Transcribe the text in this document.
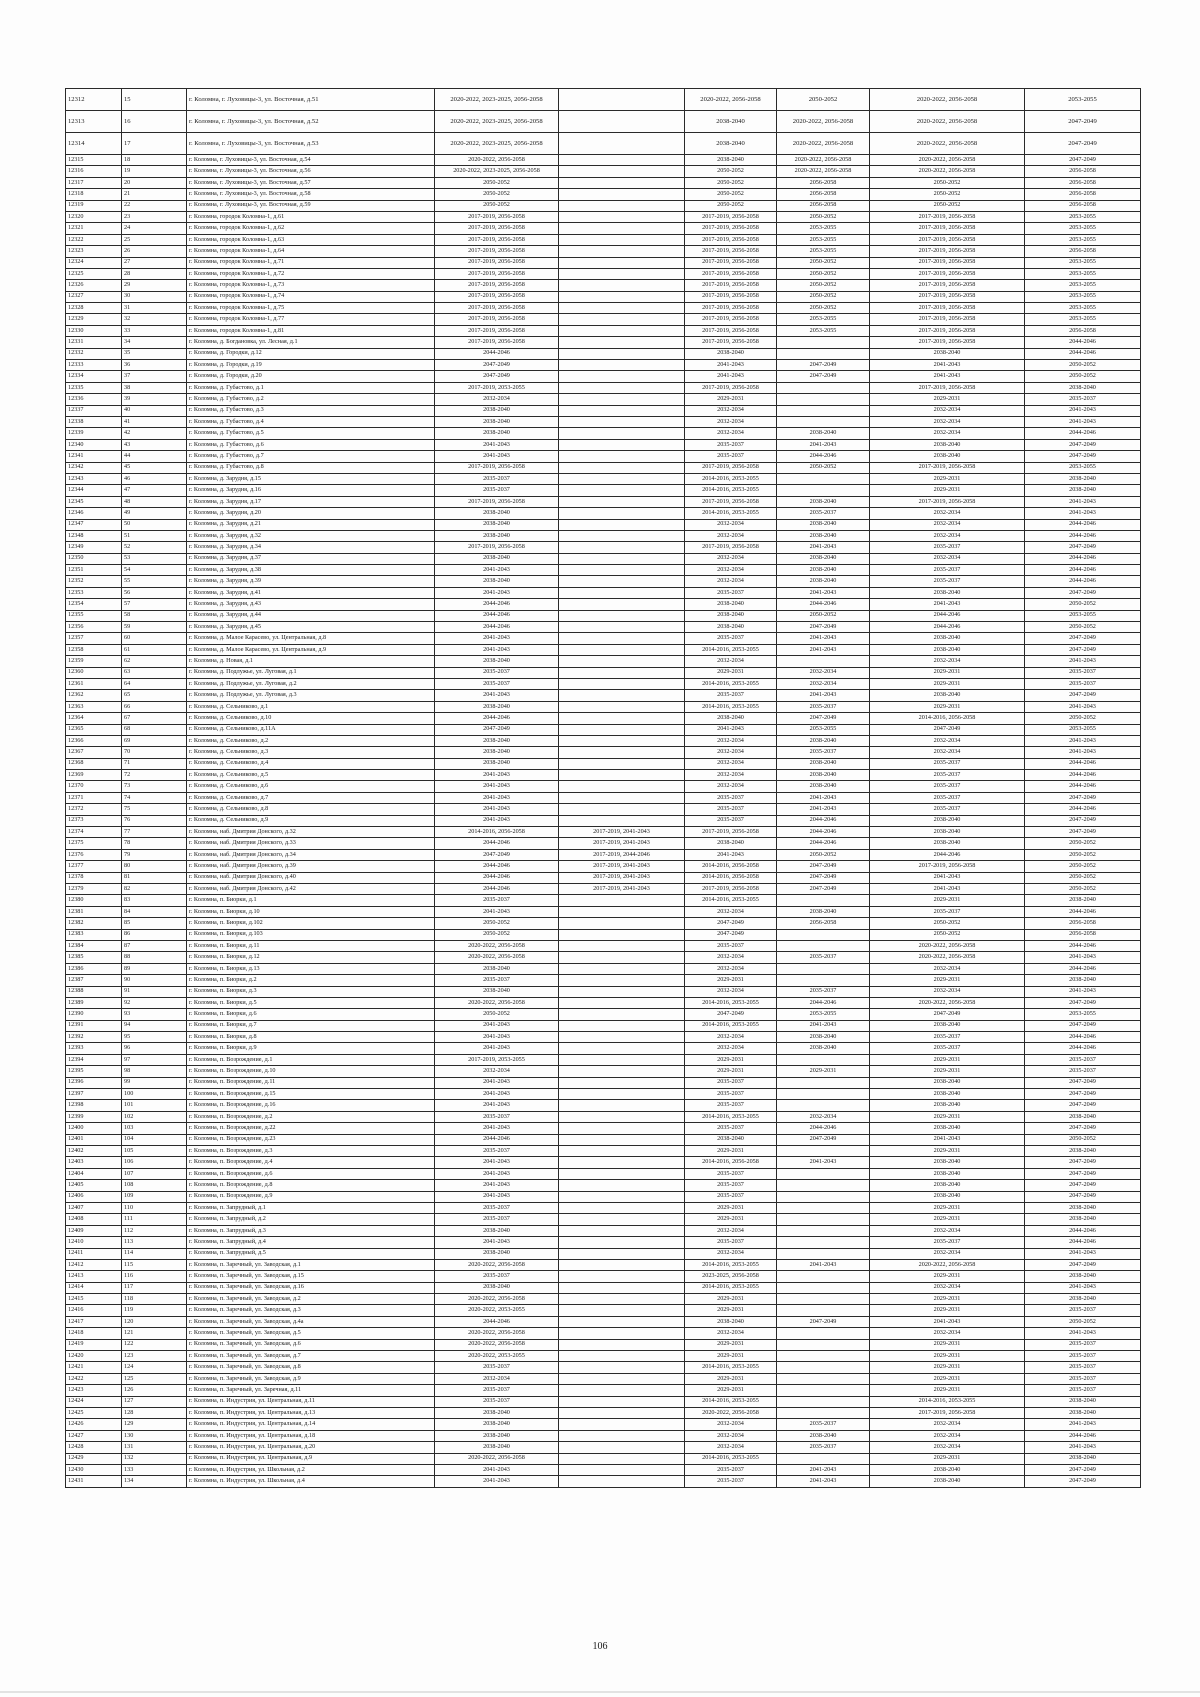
12312	15	г. Коломна, г. Луховицы-3, ул. Восточная, д.51	2020-2022, 2023-2025, 2056-2058		2020-2022, 2056-2058	2050-2052	2020-2022, 2056-2058	2053-2055
12313	16	г. Коломна, г. Луховицы-3, ул. Восточная, д.52	2020-2022, 2023-2025, 2056-2058		2038-2040	2020-2022, 2056-2058	2020-2022, 2056-2058	2047-2049
12314	17	г. Коломна, г. Луховицы-3, ул. Восточная, д.53	2020-2022, 2023-2025, 2056-2058		2038-2040	2020-2022, 2056-2058	2020-2022, 2056-2058	2047-2049
12315	18	г. Коломна, г. Луховицы-3, ул. Восточная, д.54	2020-2022, 2056-2058		2038-2040	2020-2022, 2056-2058	2020-2022, 2056-2058	2047-2049
12316	19	г. Коломна, г. Луховицы-3, ул. Восточная, д.56	2020-2022, 2023-2025, 2056-2058		2050-2052	2020-2022, 2056-2058	2020-2022, 2056-2058	2056-2058
12317	20	г. Коломна, г. Луховицы-3, ул. Восточная, д.57	2050-2052		2050-2052	2056-2058	2050-2052	2056-2058
12318	21	г. Коломна, г. Луховицы-3, ул. Восточная, д.58	2050-2052		2050-2052	2056-2058	2050-2052	2056-2058
12319	22	г. Коломна, г. Луховицы-3, ул. Восточная, д.59	2050-2052		2050-2052	2056-2058	2050-2052	2056-2058
12320	23	г. Коломна, городок Коломна-1, д.61	2017-2019, 2056-2058		2017-2019, 2056-2058	2050-2052	2017-2019, 2056-2058	2053-2055
12321	24	г. Коломна, городок Коломна-1, д.62	2017-2019, 2056-2058		2017-2019, 2056-2058	2053-2055	2017-2019, 2056-2058	2053-2055
12322	25	г. Коломна, городок Коломна-1, д.63	2017-2019, 2056-2058		2017-2019, 2056-2058	2053-2055	2017-2019, 2056-2058	2053-2055
12323	26	г. Коломна, городок Коломна-1, д.64	2017-2019, 2056-2058		2017-2019, 2056-2058	2053-2055	2017-2019, 2056-2058	2056-2058
12324	27	г. Коломна, городок Коломна-1, д.71	2017-2019, 2056-2058		2017-2019, 2056-2058	2050-2052	2017-2019, 2056-2058	2053-2055
12325	28	г. Коломна, городок Коломна-1, д.72	2017-2019, 2056-2058		2017-2019, 2056-2058	2050-2052	2017-2019, 2056-2058	2053-2055
12326	29	г. Коломна, городок Коломна-1, д.73	2017-2019, 2056-2058		2017-2019, 2056-2058	2050-2052	2017-2019, 2056-2058	2053-2055
12327	30	г. Коломна, городок Коломна-1, д.74	2017-2019, 2056-2058		2017-2019, 2056-2058	2050-2052	2017-2019, 2056-2058	2053-2055
12328	31	г. Коломна, городок Коломна-1, д.75	2017-2019, 2056-2058		2017-2019, 2056-2058	2050-2052	2017-2019, 2056-2058	2053-2055
12329	32	г. Коломна, городок Коломна-1, д.77	2017-2019, 2056-2058		2017-2019, 2056-2058	2053-2055	2017-2019, 2056-2058	2053-2055
12330	33	г. Коломна, городок Коломна-1, д.81	2017-2019, 2056-2058		2017-2019, 2056-2058	2053-2055	2017-2019, 2056-2058	2056-2058
12331	34	г. Коломна, д. Богдановка, ул. Лесная, д.1	2017-2019, 2056-2058		2017-2019, 2056-2058		2017-2019, 2056-2058	2044-2046
12332	35	г. Коломна, д. Городки, д.12	2044-2046		2038-2040		2038-2040	2044-2046
12333	36	г. Коломна, д. Городки, д.19	2047-2049		2041-2043	2047-2049	2041-2043	2050-2052
12334	37	г. Коломна, д. Городки, д.20	2047-2049		2041-2043	2047-2049	2041-2043	2050-2052
12335	38	г. Коломна, д. Губастово, д.1	2017-2019, 2053-2055		2017-2019, 2056-2058		2017-2019, 2056-2058	2038-2040
12336	39	г. Коломна, д. Губастово, д.2	2032-2034		2029-2031		2029-2031	2035-2037
12337	40	г. Коломна, д. Губастово, д.3	2038-2040		2032-2034		2032-2034	2041-2043
12338	41	г. Коломна, д. Губастово, д.4	2038-2040		2032-2034		2032-2034	2041-2043
12339	42	г. Коломна, д. Губастово, д.5	2038-2040		2032-2034	2038-2040	2032-2034	2044-2046
12340	43	г. Коломна, д. Губастово, д.6	2041-2043		2035-2037	2041-2043	2038-2040	2047-2049
12341	44	г. Коломна, д. Губастово, д.7	2041-2043		2035-2037	2044-2046	2038-2040	2047-2049
12342	45	г. Коломна, д. Губастово, д.8	2017-2019, 2056-2058		2017-2019, 2056-2058	2050-2052	2017-2019, 2056-2058	2053-2055
12343	46	г. Коломна, д. Зарудня, д.15	2035-2037		2014-2016, 2053-2055		2029-2031	2038-2040
12344	47	г. Коломна, д. Зарудня, д.16	2035-2037		2014-2016, 2053-2055		2029-2031	2038-2040
12345	48	г. Коломна, д. Зарудня, д.17	2017-2019, 2056-2058		2017-2019, 2056-2058	2038-2040	2017-2019, 2056-2058	2041-2043
12346	49	г. Коломна, д. Зарудня, д.20	2038-2040		2014-2016, 2053-2055	2035-2037	2032-2034	2041-2043
12347	50	г. Коломна, д. Зарудня, д.21	2038-2040		2032-2034	2038-2040	2032-2034	2044-2046
12348	51	г. Коломна, д. Зарудня, д.32	2038-2040		2032-2034	2038-2040	2032-2034	2044-2046
12349	52	г. Коломна, д. Зарудня, д.34	2017-2019, 2056-2058		2017-2019, 2056-2058	2041-2043	2035-2037	2047-2049
12350	53	г. Коломна, д. Зарудня, д.37	2038-2040		2032-2034	2038-2040	2032-2034	2044-2046
12351	54	г. Коломна, д. Зарудня, д.38	2041-2043		2032-2034	2038-2040	2035-2037	2044-2046
12352	55	г. Коломна, д. Зарудня, д.39	2038-2040		2032-2034	2038-2040	2035-2037	2044-2046
12353	56	г. Коломна, д. Зарудня, д.41	2041-2043		2035-2037	2041-2043	2038-2040	2047-2049
12354	57	г. Коломна, д. Зарудня, д.43	2044-2046		2038-2040	2044-2046	2041-2043	2050-2052
12355	58	г. Коломна, д. Зарудня, д.44	2044-2046		2038-2040	2050-2052	2044-2046	2053-2055
12356	59	г. Коломна, д. Зарудня, д.45	2044-2046		2038-2040	2047-2049	2044-2046	2050-2052
12357	60	г. Коломна, д. Малое Карасево, ул. Центральная, д.8	2041-2043		2035-2037	2041-2043	2038-2040	2047-2049
12358	61	г. Коломна, д. Малое Карасево, ул. Центральная, д.9	2041-2043		2014-2016, 2053-2055	2041-2043	2038-2040	2047-2049
12359	62	г. Коломна, д. Новая, д.1	2038-2040		2032-2034		2032-2034	2041-2043
12360	63	г. Коломна, д. Подлужье, ул. Луговая, д.1	2035-2037		2029-2031	2032-2034	2029-2031	2035-2037
12361	64	г. Коломна, д. Подлужье, ул. Луговая, д.2	2035-2037		2014-2016, 2053-2055	2032-2034	2029-2031	2035-2037
12362	65	г. Коломна, д. Подлужье, ул. Луговая, д.3	2041-2043		2035-2037	2041-2043	2038-2040	2047-2049
12363	66	г. Коломна, д. Сельниково, д.1	2038-2040		2014-2016, 2053-2055	2035-2037	2029-2031	2041-2043
12364	67	г. Коломна, д. Сельниково, д.10	2044-2046		2038-2040	2047-2049	2014-2016, 2056-2058	2050-2052
12365	68	г. Коломна, д. Сельниково, д.11А	2047-2049		2041-2043	2053-2055	2047-2049	2053-2055
12366	69	г. Коломна, д. Сельниково, д.2	2038-2040		2032-2034	2038-2040	2032-2034	2041-2043
12367	70	г. Коломна, д. Сельниково, д.3	2038-2040		2032-2034	2035-2037	2032-2034	2041-2043
12368	71	г. Коломна, д. Сельниково, д.4	2038-2040		2032-2034	2038-2040	2035-2037	2044-2046
12369	72	г. Коломна, д. Сельниково, д.5	2041-2043		2032-2034	2038-2040	2035-2037	2044-2046
12370	73	г. Коломна, д. Сельниково, д.6	2041-2043		2032-2034	2038-2040	2035-2037	2044-2046
12371	74	г. Коломна, д. Сельниково, д.7	2041-2043		2035-2037	2041-2043	2035-2037	2047-2049
12372	75	г. Коломна, д. Сельниково, д.8	2041-2043		2035-2037	2041-2043	2035-2037	2044-2046
12373	76	г. Коломна, д. Сельниково, д.9	2041-2043		2035-2037	2044-2046	2038-2040	2047-2049
12374	77	г. Коломна, наб. Дмитрия Донского, д.32	2014-2016, 2056-2058	2017-2019, 2041-2043	2017-2019, 2056-2058	2044-2046	2038-2040	2047-2049
12375	78	г. Коломна, наб. Дмитрия Донского, д.33	2044-2046	2017-2019, 2041-2043	2038-2040	2044-2046	2038-2040	2050-2052
12376	79	г. Коломна, наб. Дмитрия Донского, д.34	2047-2049	2017-2019, 2044-2046	2041-2043	2050-2052	2044-2046	2050-2052
12377	80	г. Коломна, наб. Дмитрия Донского, д.39	2044-2046	2017-2019, 2041-2043	2014-2016, 2056-2058	2047-2049	2017-2019, 2056-2058	2050-2052
12378	81	г. Коломна, наб. Дмитрия Донского, д.40	2044-2046	2017-2019, 2041-2043	2014-2016, 2056-2058	2047-2049	2041-2043	2050-2052
12379	82	г. Коломна, наб. Дмитрия Донского, д.42	2044-2046	2017-2019, 2041-2043	2017-2019, 2056-2058	2047-2049	2041-2043	2050-2052
12380	83	г. Коломна, п. Биорки, д.1	2035-2037		2014-2016, 2053-2055		2029-2031	2038-2040
12381	84	г. Коломна, п. Биорки, д.10	2041-2043		2032-2034	2038-2040	2035-2037	2044-2046
12382	85	г. Коломна, п. Биорки, д.102	2050-2052		2047-2049	2056-2058	2050-2052	2056-2058
12383	86	г. Коломна, п. Биорки, д.103	2050-2052		2047-2049		2050-2052	2056-2058
12384	87	г. Коломна, п. Биорки, д.11	2020-2022, 2056-2058		2035-2037		2020-2022, 2056-2058	2044-2046
12385	88	г. Коломна, п. Биорки, д.12	2020-2022, 2056-2058		2032-2034	2035-2037	2020-2022, 2056-2058	2041-2043
12386	89	г. Коломна, п. Биорки, д.13	2038-2040		2032-2034		2032-2034	2044-2046
12387	90	г. Коломна, п. Биорки, д.2	2035-2037		2029-2031		2029-2031	2038-2040
12388	91	г. Коломна, п. Биорки, д.3	2038-2040		2032-2034	2035-2037	2032-2034	2041-2043
12389	92	г. Коломна, п. Биорки, д.5	2020-2022, 2056-2058		2014-2016, 2053-2055	2044-2046	2020-2022, 2056-2058	2047-2049
12390	93	г. Коломна, п. Биорки, д.6	2050-2052		2047-2049	2053-2055	2047-2049	2053-2055
12391	94	г. Коломна, п. Биорки, д.7	2041-2043		2014-2016, 2053-2055	2041-2043	2038-2040	2047-2049
12392	95	г. Коломна, п. Биорки, д.8	2041-2043		2032-2034	2038-2040	2035-2037	2044-2046
12393	96	г. Коломна, п. Биорки, д.9	2041-2043		2032-2034	2038-2040	2035-2037	2044-2046
12394	97	г. Коломна, п. Возрождение, д.1	2017-2019, 2053-2055		2029-2031		2029-2031	2035-2037
12395	98	г. Коломна, п. Возрождение, д.10	2032-2034		2029-2031	2029-2031	2029-2031	2035-2037
12396	99	г. Коломна, п. Возрождение, д.11	2041-2043		2035-2037		2038-2040	2047-2049
12397	100	г. Коломна, п. Возрождение, д.15	2041-2043		2035-2037		2038-2040	2047-2049
12398	101	г. Коломна, п. Возрождение, д.16	2041-2043		2035-2037		2038-2040	2047-2049
12399	102	г. Коломна, п. Возрождение, д.2	2035-2037		2014-2016, 2053-2055	2032-2034	2029-2031	2038-2040
12400	103	г. Коломна, п. Возрождение, д.22	2041-2043		2035-2037	2044-2046	2038-2040	2047-2049
12401	104	г. Коломна, п. Возрождение, д.23	2044-2046		2038-2040	2047-2049	2041-2043	2050-2052
12402	105	г. Коломна, п. Возрождение, д.3	2035-2037		2029-2031		2029-2031	2038-2040
12403	106	г. Коломна, п. Возрождение, д.4	2041-2043		2014-2016, 2056-2058	2041-2043	2038-2040	2047-2049
12404	107	г. Коломна, п. Возрождение, д.6	2041-2043		2035-2037		2038-2040	2047-2049
12405	108	г. Коломна, п. Возрождение, д.8	2041-2043		2035-2037		2038-2040	2047-2049
12406	109	г. Коломна, п. Возрождение, д.9	2041-2043		2035-2037		2038-2040	2047-2049
12407	110	г. Коломна, п. Запрудный, д.1	2035-2037		2029-2031		2029-2031	2038-2040
12408	111	г. Коломна, п. Запрудный, д.2	2035-2037		2029-2031		2029-2031	2038-2040
12409	112	г. Коломна, п. Запрудный, д.3	2038-2040		2032-2034		2032-2034	2044-2046
12410	113	г. Коломна, п. Запрудный, д.4	2041-2043		2035-2037		2035-2037	2044-2046
12411	114	г. Коломна, п. Запрудный, д.5	2038-2040		2032-2034		2032-2034	2041-2043
12412	115	г. Коломна, п. Заречный, ул. Заводская, д.1	2020-2022, 2056-2058		2014-2016, 2053-2055	2041-2043	2020-2022, 2056-2058	2047-2049
12413	116	г. Коломна, п. Заречный, ул. Заводская, д.15	2035-2037		2023-2025, 2056-2058		2029-2031	2038-2040
12414	117	г. Коломна, п. Заречный, ул. Заводская, д.16	2038-2040		2014-2016, 2053-2055		2032-2034	2041-2043
12415	118	г. Коломна, п. Заречный, ул. Заводская, д.2	2020-2022, 2056-2058		2029-2031		2029-2031	2038-2040
12416	119	г. Коломна, п. Заречный, ул. Заводская, д.3	2020-2022, 2053-2055		2029-2031		2029-2031	2035-2037
12417	120	г. Коломна, п. Заречный, ул. Заводская, д.4а	2044-2046		2038-2040	2047-2049	2041-2043	2050-2052
12418	121	г. Коломна, п. Заречный, ул. Заводская, д.5	2020-2022, 2056-2058		2032-2034		2032-2034	2041-2043
12419	122	г. Коломна, п. Заречный, ул. Заводская, д.6	2020-2022, 2056-2058		2029-2031		2029-2031	2035-2037
12420	123	г. Коломна, п. Заречный, ул. Заводская, д.7	2020-2022, 2053-2055		2029-2031		2029-2031	2035-2037
12421	124	г. Коломна, п. Заречный, ул. Заводская, д.8	2035-2037		2014-2016, 2053-2055		2029-2031	2035-2037
12422	125	г. Коломна, п. Заречный, ул. Заводская, д.9	2032-2034		2029-2031		2029-2031	2035-2037
12423	126	г. Коломна, п. Заречный, ул. Заречная, д.11	2035-2037		2029-2031		2029-2031	2035-2037
12424	127	г. Коломна, п. Индустрия, ул. Центральная, д.11	2035-2037		2014-2016, 2053-2055		2014-2016, 2053-2055	2038-2040
12425	128	г. Коломна, п. Индустрия, ул. Центральная, д.13	2038-2040		2020-2022, 2056-2058		2017-2019, 2056-2058	2038-2040
12426	129	г. Коломна, п. Индустрия, ул. Центральная, д.14	2038-2040		2032-2034	2035-2037	2032-2034	2041-2043
12427	130	г. Коломна, п. Индустрия, ул. Центральная, д.18	2038-2040		2032-2034	2038-2040	2032-2034	2044-2046
12428	131	г. Коломна, п. Индустрия, ул. Центральная, д.20	2038-2040		2032-2034	2035-2037	2032-2034	2041-2043
12429	132	г. Коломна, п. Индустрия, ул. Центральная, д.9	2020-2022, 2056-2058		2014-2016, 2053-2055		2029-2031	2038-2040
12430	133	г. Коломна, п. Индустрия, ул. Школьная, д.2	2041-2043		2035-2037	2041-2043	2038-2040	2047-2049
12431	134	г. Коломна, п. Индустрия, ул. Школьная, д.4	2041-2043		2035-2037	2041-2043	2038-2040	2047-2049
106
